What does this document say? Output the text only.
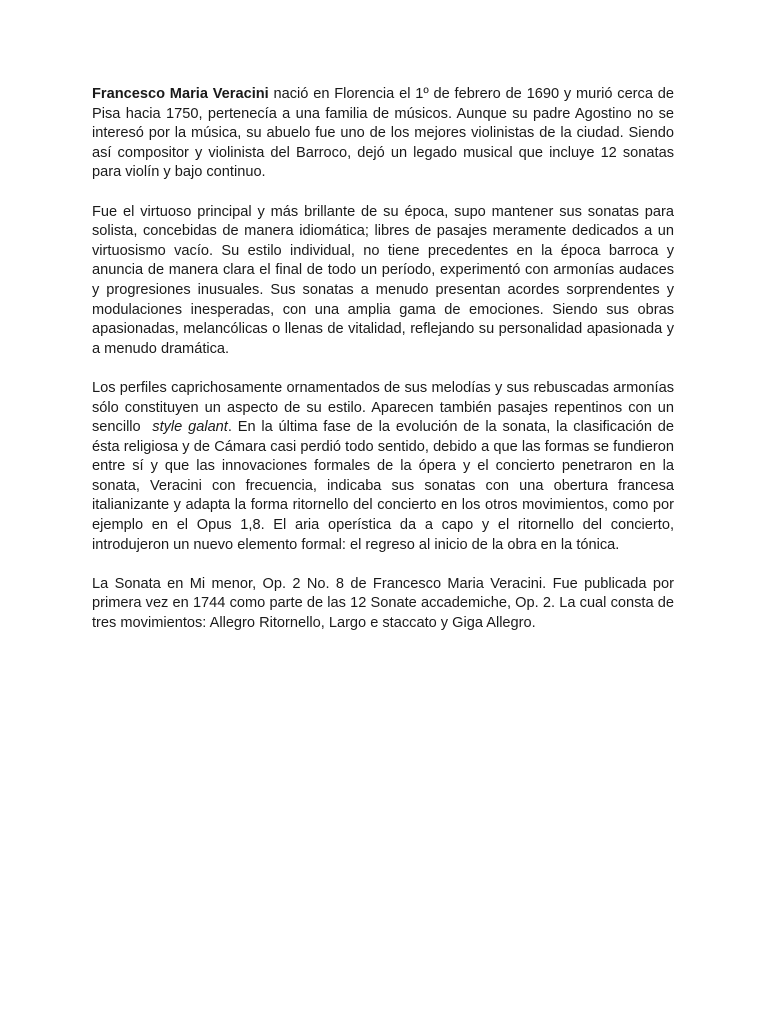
Francesco Maria Veracini nació en Florencia el 1º de febrero de 1690 y murió cerca de Pisa hacia 1750, pertenecía a una familia de músicos. Aunque su padre Agostino no se interesó por la música, su abuelo fue uno de los mejores violinistas de la ciudad. Siendo así compositor y violinista del Barroco, dejó un legado musical que incluye 12 sonatas para violín y bajo continuo.

Fue el virtuoso principal y más brillante de su época, supo mantener sus sonatas para solista, concebidas de manera idiomática; libres de pasajes meramente dedicados a un virtuosismo vacío. Su estilo individual, no tiene precedentes en la época barroca y anuncia de manera clara el final de todo un período, experimentó con armonías audaces y progresiones inusuales. Sus sonatas a menudo presentan acordes sorprendentes y modulaciones inesperadas, con una amplia gama de emociones. Siendo sus obras apasionadas, melancólicas o llenas de vitalidad, reflejando su personalidad apasionada y a menudo dramática.

Los perfiles caprichosamente ornamentados de sus melodías y sus rebuscadas armonías sólo constituyen un aspecto de su estilo. Aparecen también pasajes repentinos con un sencillo  style galant. En la última fase de la evolución de la sonata, la clasificación de ésta religiosa y de Cámara casi perdió todo sentido, debido a que las formas se fundieron entre sí y que las innovaciones formales de la ópera y el concierto penetraron en la sonata, Veracini con frecuencia, indicaba sus sonatas con una obertura francesa italianizante y adapta la forma ritornello del concierto en los otros movimientos, como por ejemplo en el Opus 1,8. El aria operística da a capo y el ritornello del concierto, introdujeron un nuevo elemento formal: el regreso al inicio de la obra en la tónica.

La Sonata en Mi menor, Op. 2 No. 8 de Francesco Maria Veracini. Fue publicada por primera vez en 1744 como parte de las 12 Sonate accademiche, Op. 2. La cual consta de tres movimientos: Allegro Ritornello, Largo e staccato y Giga Allegro.
